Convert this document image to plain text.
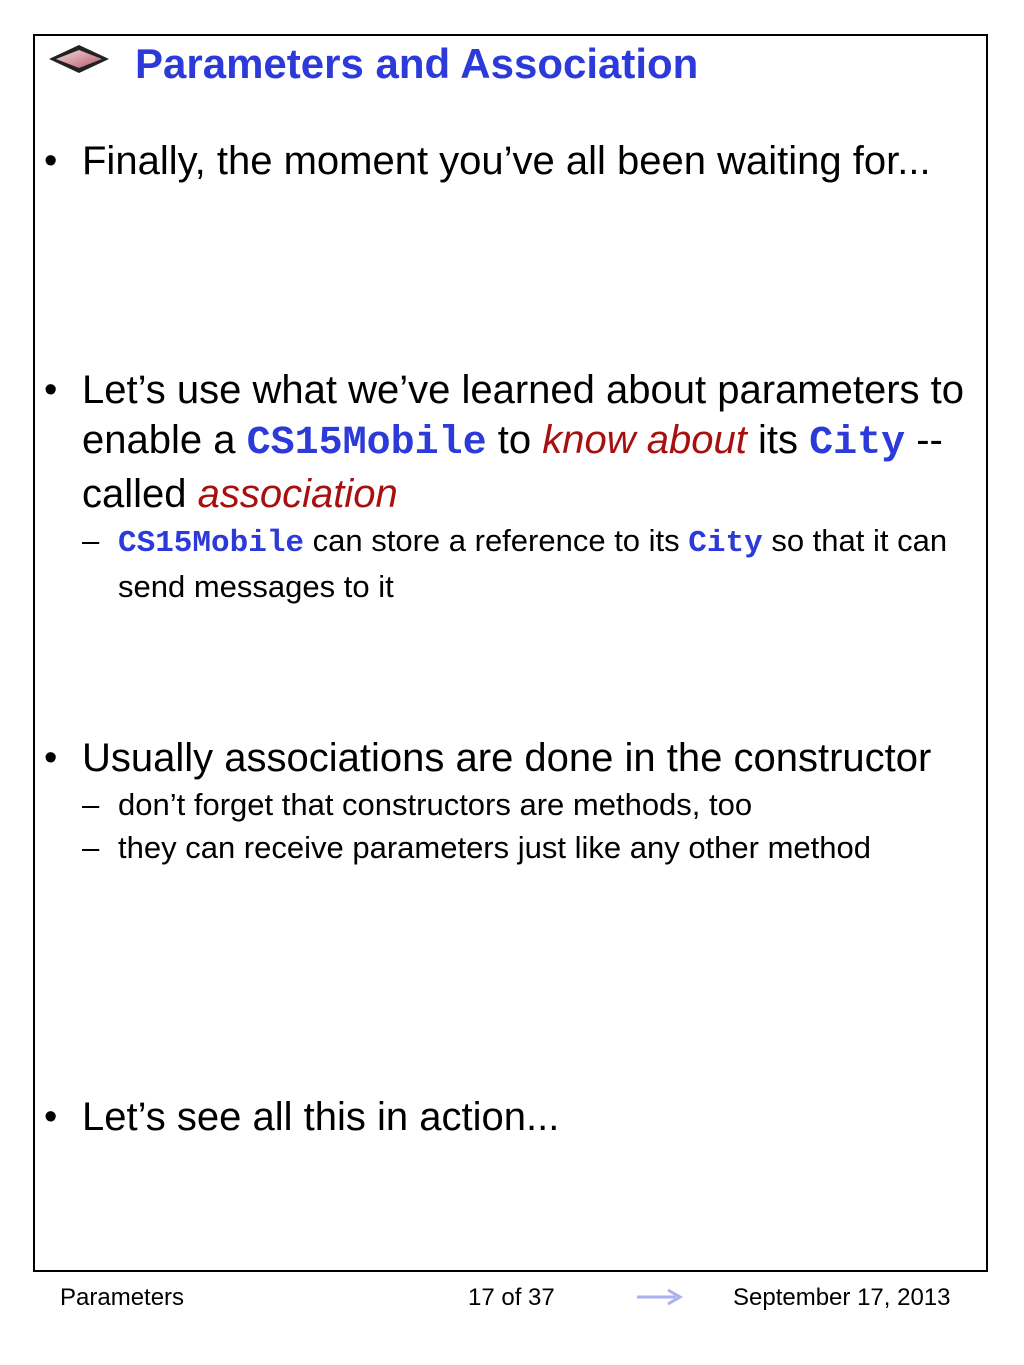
Parameters and Association
• Finally, the moment you’ve all been waiting for...
• Let’s use what we’ve learned about parameters to enable a CS15Mobile to know about its City -- called association
– CS15Mobile can store a reference to its City so that it can send messages to it
• Usually associations are done in the constructor
– don’t forget that constructors are methods, too
– they can receive parameters just like any other method
• Let’s see all this in action...
Parameters	17 of 37	September 17, 2013
